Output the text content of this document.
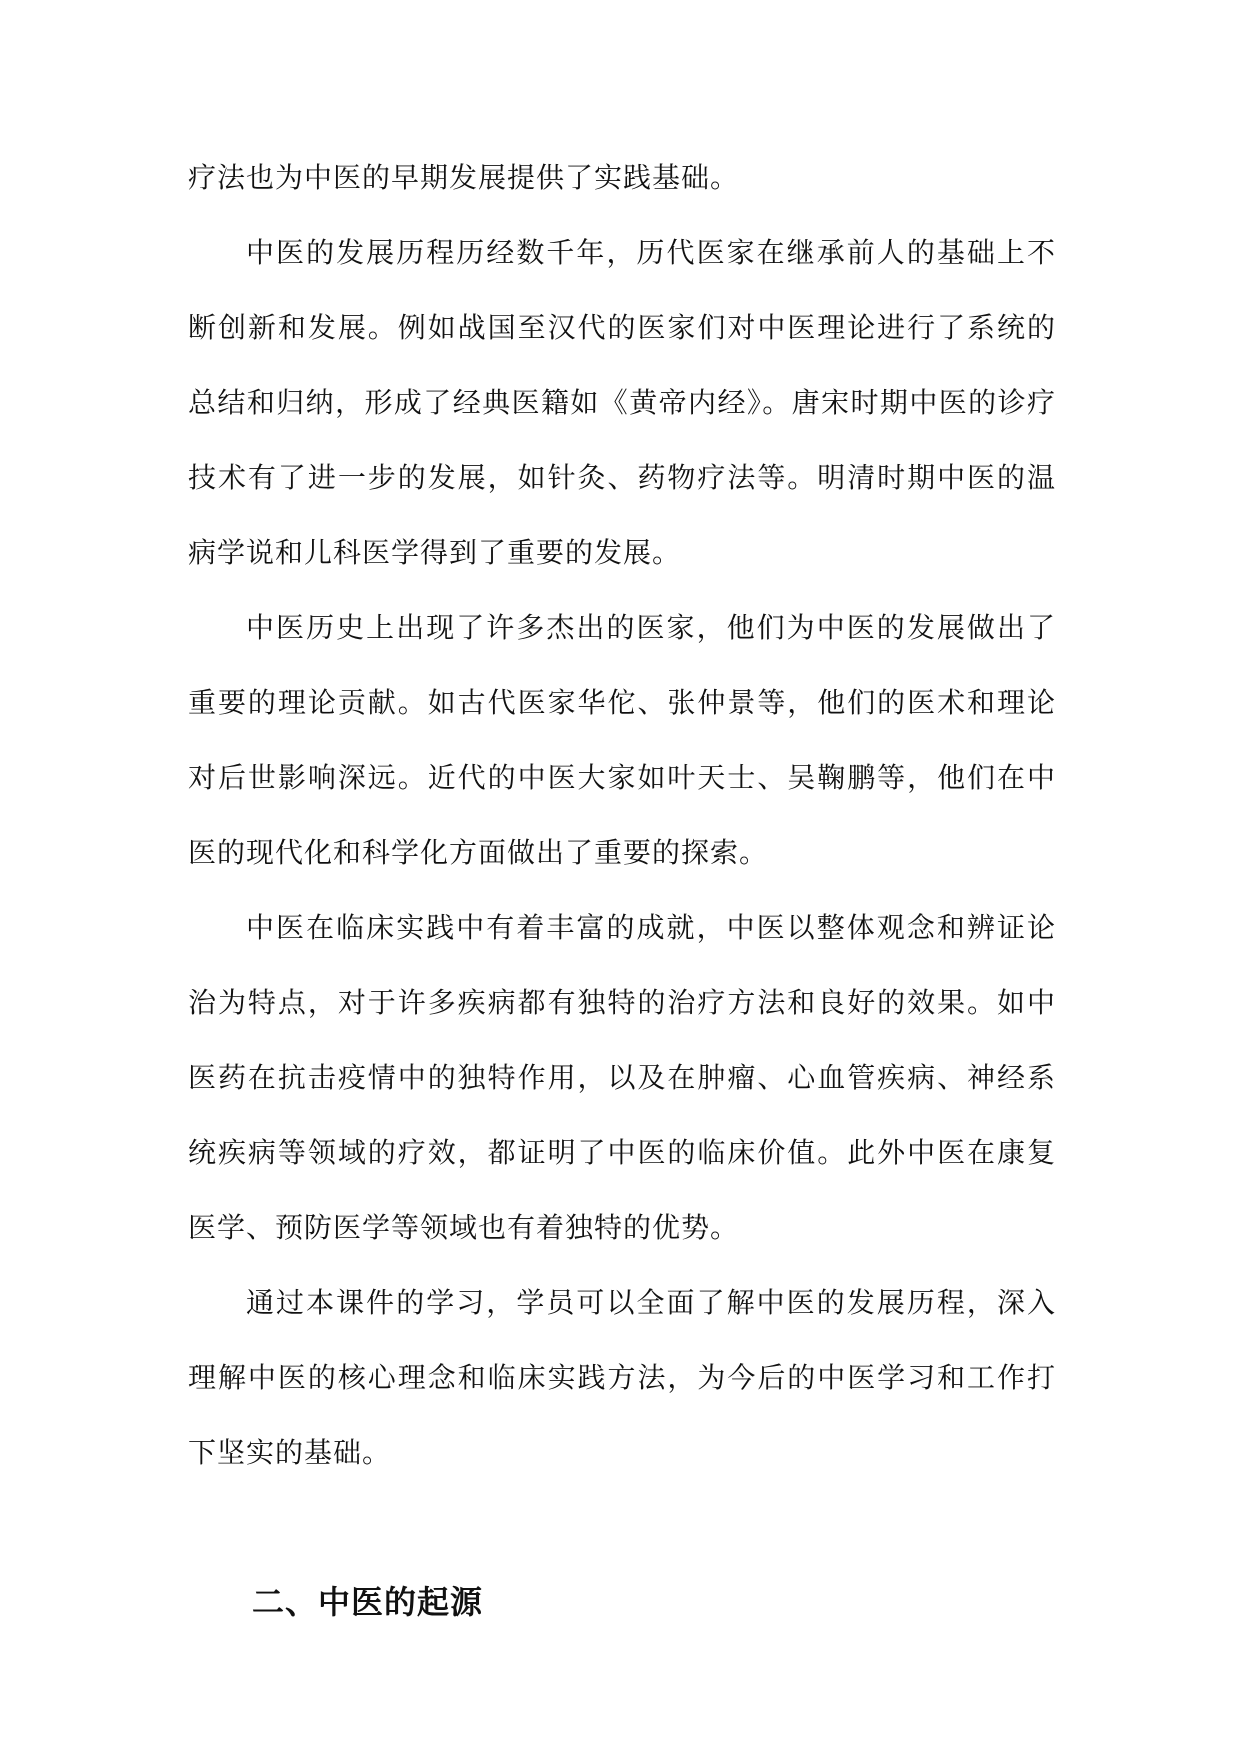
疗法也为中医的早期发展提供了实践基础。

中医的发展历程历经数千年，历代医家在继承前人的基础上不断创新和发展。例如战国至汉代的医家们对中医理论进行了系统的总结和归纳，形成了经典医籍如《黄帝内经》。唐宋时期中医的诊疗技术有了进一步的发展，如针灸、药物疗法等。明清时期中医的温病学说和儿科医学得到了重要的发展。

中医历史上出现了许多杰出的医家，他们为中医的发展做出了重要的理论贡献。如古代医家华佗、张仲景等，他们的医术和理论对后世影响深远。近代的中医大家如叶天士、吴鞠鹏等，他们在中医的现代化和科学化方面做出了重要的探索。

中医在临床实践中有着丰富的成就，中医以整体观念和辨证论治为特点，对于许多疾病都有独特的治疗方法和良好的效果。如中医药在抗击疫情中的独特作用，以及在肿瘤、心血管疾病、神经系统疾病等领域的疗效，都证明了中医的临床价值。此外中医在康复医学、预防医学等领域也有着独特的优势。

通过本课件的学习，学员可以全面了解中医的发展历程，深入理解中医的核心理念和临床实践方法，为今后的中医学习和工作打下坚实的基础。

二、中医的起源
